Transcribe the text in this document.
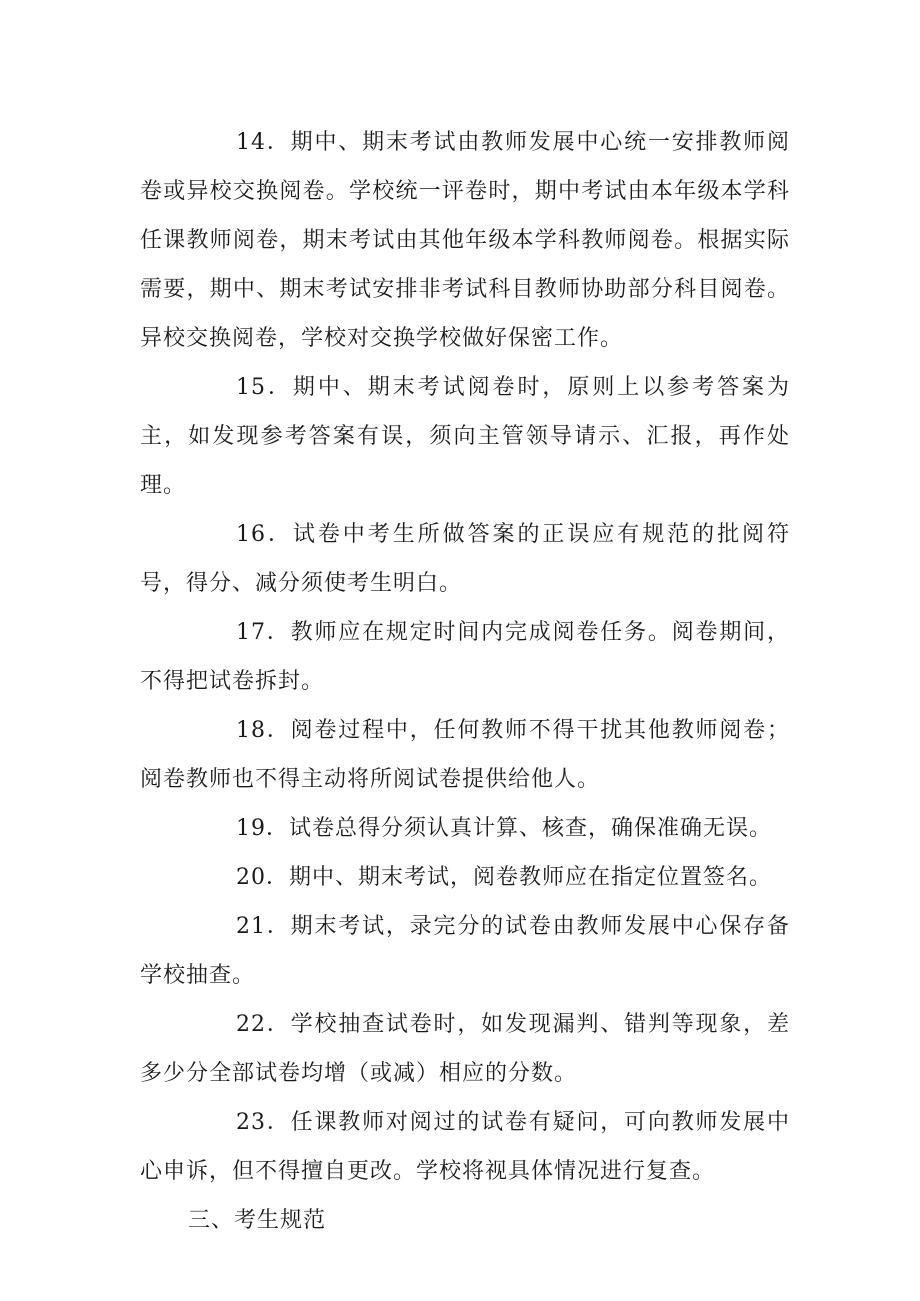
14．期中、期末考试由教师发展中心统一安排教师阅卷或异校交换阅卷。学校统一评卷时，期中考试由本年级本学科任课教师阅卷，期末考试由其他年级本学科教师阅卷。根据实际需要，期中、期末考试安排非考试科目教师协助部分科目阅卷。异校交换阅卷，学校对交换学校做好保密工作。

15．期中、期末考试阅卷时，原则上以参考答案为主，如发现参考答案有误，须向主管领导请示、汇报，再作处理。

16．试卷中考生所做答案的正误应有规范的批阅符号，得分、减分须使考生明白。

17．教师应在规定时间内完成阅卷任务。阅卷期间，不得把试卷拆封。

18．阅卷过程中，任何教师不得干扰其他教师阅卷；阅卷教师也不得主动将所阅试卷提供给他人。

19．试卷总得分须认真计算、核查，确保准确无误。

20．期中、期末考试，阅卷教师应在指定位置签名。

21．期末考试，录完分的试卷由教师发展中心保存备学校抽查。

22．学校抽查试卷时，如发现漏判、错判等现象，差多少分全部试卷均增（或减）相应的分数。

23．任课教师对阅过的试卷有疑问，可向教师发展中心申诉，但不得擅自更改。学校将视具体情况进行复查。

三、考生规范
